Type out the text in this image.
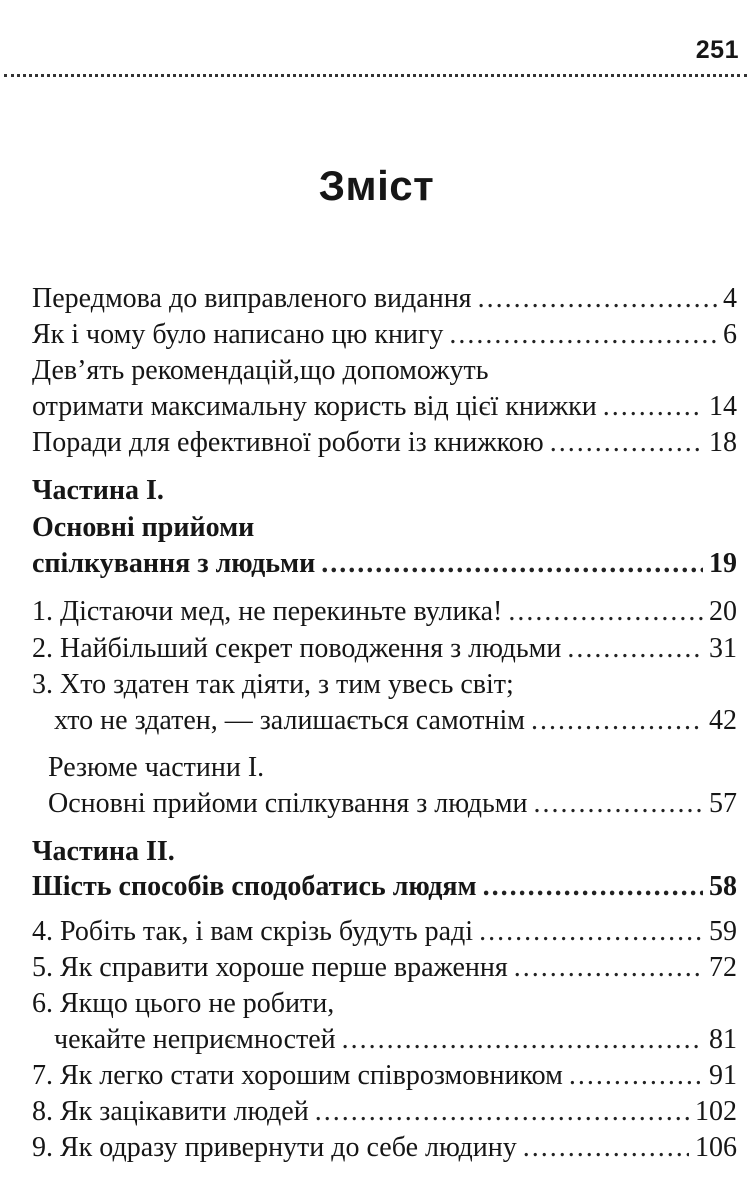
251
Зміст
Передмова до виправленого видання .....	4
Як і чому було написано цю книгу .....	6
Дев’ять рекомендацій,що допоможуть
отримати максимальну користь від цієї книжки .....	14
Поради для ефективної роботи із книжкою .....	18
Частина І.
Основні прийоми
спілкування з людьми .....	19
1. Дістаючи мед, не перекиньте вулика! .....	20
2. Найбільший секрет поводження з людьми .....	31
3. Хто здатен так діяти, з тим увесь світ;
хто не здатен, — залишається самотнім .....	42
Резюме частини І.
Основні прийоми спілкування з людьми .....	57
Частина ІІ.
Шість способів сподобатись людям .....	58
4. Робіть так, і вам скрізь будуть раді .....	59
5. Як справити хороше перше враження .....	72
6. Якщо цього не робити,
чекайте неприємностей .....	81
7. Як легко стати хорошим співрозмовником .....	91
8. Як зацікавити людей .....	102
9. Як одразу привернути до себе людину .....	106
